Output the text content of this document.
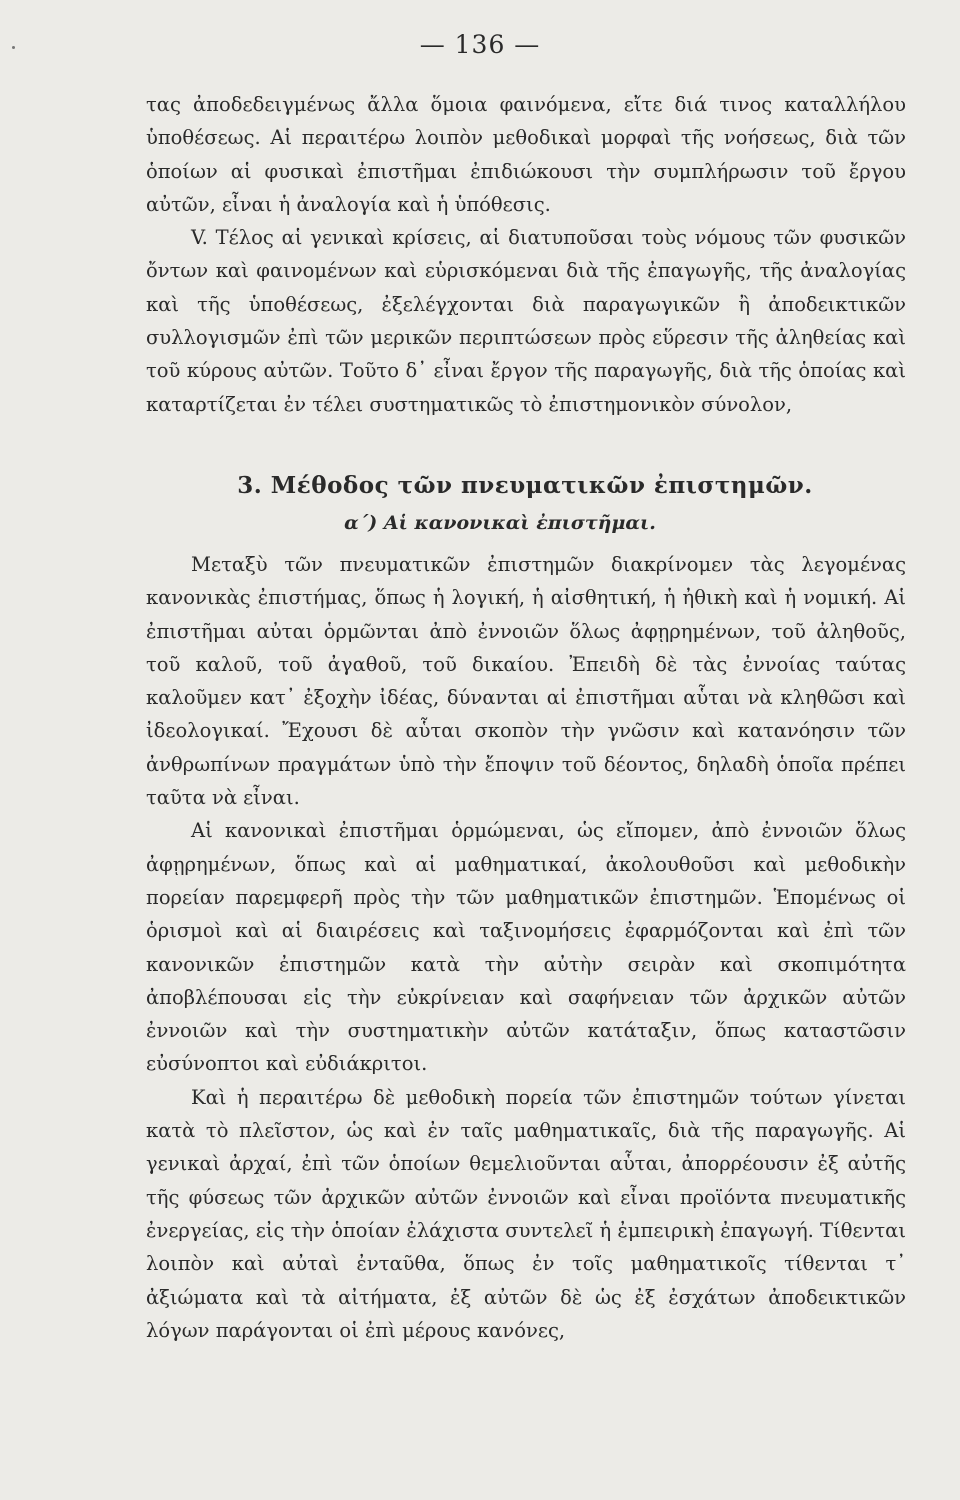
— 136 —

τας ἀποδεδειγμένως ἄλλα ὅμοια φαινόμενα, εἴτε διά τινος καταλλήλου ὑποθέσεως. Αἱ περαιτέρω λοιπὸν μεθοδικαὶ μορφαὶ τῆς νοήσεως, διὰ τῶν ὁποίων αἱ φυσικαὶ ἐπιστῆμαι ἐπιδιώκουσι τὴν συμπλήρωσιν τοῦ ἔργου αὐτῶν, εἶναι ἡ ἀναλογία καὶ ἡ ὑπόθεσις.

V. Τέλος αἱ γενικαὶ κρίσεις, αἱ διατυποῦσαι τοὺς νόμους τῶν φυσικῶν ὄντων καὶ φαινομένων καὶ εὑρισκόμεναι διὰ τῆς ἐπαγωγῆς, τῆς ἀναλογίας καὶ τῆς ὑποθέσεως, ἐξελέγχονται διὰ παραγωγικῶν ἢ ἀποδεικτικῶν συλλογισμῶν ἐπὶ τῶν μερικῶν περιπτώσεων πρὸς εὕρεσιν τῆς ἀληθείας καὶ τοῦ κύρους αὐτῶν. Τοῦτο δ᾽ εἶναι ἔργον τῆς παραγωγῆς, διὰ τῆς ὁποίας καὶ καταρτίζεται ἐν τέλει συστηματικῶς τὸ ἐπιστημονικὸν σύνολον,

3. Μέθοδος τῶν πνευματικῶν ἐπιστημῶν.
α΄) Αἱ κανονικαὶ ἐπιστῆμαι.

Μεταξὺ τῶν πνευματικῶν ἐπιστημῶν διακρίνομεν τὰς λεγομένας κανονικὰς ἐπιστήμας, ὅπως ἡ λογική, ἡ αἰσθητική, ἡ ἠθικὴ καὶ ἡ νομική. Αἱ ἐπιστῆμαι αὐται ὁρμῶνται ἀπὸ ἐννοιῶν ὅλως ἀφῃρημένων, τοῦ ἀληθοῦς, τοῦ καλοῦ, τοῦ ἀγαθοῦ, τοῦ δικαίου. Ἐπειδὴ δὲ τὰς ἐννοίας ταύτας καλοῦμεν κατ᾽ ἐξοχὴν ἰδέας, δύνανται αἱ ἐπιστῆμαι αὗται νὰ κληθῶσι καὶ ἰδεολογικαί. Ἔχουσι δὲ αὗται σκοπὸν τὴν γνῶσιν καὶ κατανόησιν τῶν ἀνθρωπίνων πραγμάτων ὑπὸ τὴν ἔποψιν τοῦ δέοντος, δηλαδὴ ὁποῖα πρέπει ταῦτα νὰ εἶναι.

Αἱ κανονικαὶ ἐπιστῆμαι ὁρμώμεναι, ὡς εἴπομεν, ἀπὸ ἐννοιῶν ὅλως ἀφῃρημένων, ὅπως καὶ αἱ μαθηματικαί, ἀκολουθοῦσι καὶ μεθοδικὴν πορείαν παρεμφερῆ πρὸς τὴν τῶν μαθηματικῶν ἐπιστημῶν. Ἑπομένως οἱ ὁρισμοὶ καὶ αἱ διαιρέσεις καὶ ταξινομήσεις ἐφαρμόζονται καὶ ἐπὶ τῶν κανονικῶν ἐπιστημῶν κατὰ τὴν αὐτὴν σειρὰν καὶ σκοπιμότητα ἀποβλέπουσαι εἰς τὴν εὐκρίνειαν καὶ σαφήνειαν τῶν ἀρχικῶν αὐτῶν ἐννοιῶν καὶ τὴν συστηματικὴν αὐτῶν κατάταξιν, ὅπως καταστῶσιν εὐσύνοπτοι καὶ εὐδιάκριτοι.

Καὶ ἡ περαιτέρω δὲ μεθοδικὴ πορεία τῶν ἐπιστημῶν τούτων γίνεται κατὰ τὸ πλεῖστον, ὡς καὶ ἐν ταῖς μαθηματικαῖς, διὰ τῆς παραγωγῆς. Αἱ γενικαὶ ἀρχαί, ἐπὶ τῶν ὁποίων θεμελιοῦνται αὗται, ἀπορρέουσιν ἐξ αὐτῆς τῆς φύσεως τῶν ἀρχικῶν αὐτῶν ἐννοιῶν καὶ εἶναι προϊόντα πνευματικῆς ἐνεργείας, εἰς τὴν ὁποίαν ἐλάχιστα συντελεῖ ἡ ἐμπειρικὴ ἐπαγωγή. Τίθενται λοιπὸν καὶ αὐταὶ ἐνταῦθα, ὅπως ἐν τοῖς μαθηματικοῖς τίθενται τ᾽ ἀξιώματα καὶ τὰ αἰτήματα, ἐξ αὐτῶν δὲ ὡς ἐξ ἐσχάτων ἀποδεικτικῶν λόγων παράγονται οἱ ἐπὶ μέρους κανόνες,
